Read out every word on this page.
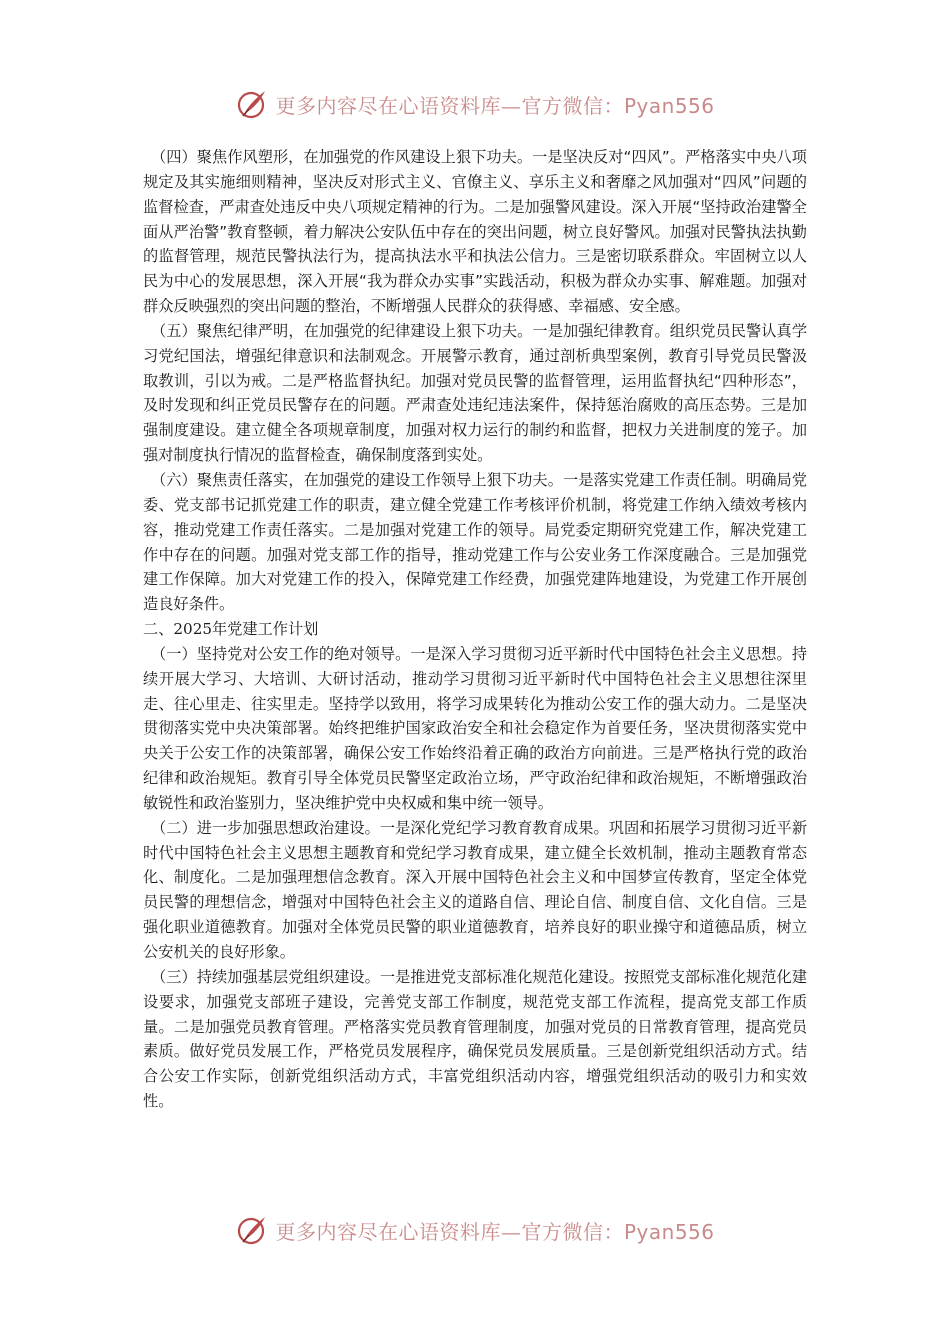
更多内容尽在心语资料库—官方微信：Pyan556

（四）聚焦作风塑形，在加强党的作风建设上狠下功夫。一是坚决反对“四风”。严格落实中央八项规定及其实施细则精神，坚决反对形式主义、官僚主义、享乐主义和奢靡之风加强对“四风”问题的监督检查，严肃查处违反中央八项规定精神的行为。二是加强警风建设。深入开展“坚持政治建警全面从严治警”教育整顿，着力解决公安队伍中存在的突出问题，树立良好警风。加强对民警执法执勤的监督管理，规范民警执法行为，提高执法水平和执法公信力。三是密切联系群众。牢固树立以人民为中心的发展思想，深入开展“我为群众办实事”实践活动，积极为群众办实事、解难题。加强对群众反映强烈的突出问题的整治，不断增强人民群众的获得感、幸福感、安全感。

（五）聚焦纪律严明，在加强党的纪律建设上狠下功夫。一是加强纪律教育。组织党员民警认真学习党纪国法，增强纪律意识和法制观念。开展警示教育，通过剖析典型案例，教育引导党员民警汲取教训，引以为戒。二是严格监督执纪。加强对党员民警的监督管理，运用监督执纪“四种形态”，及时发现和纠正党员民警存在的问题。严肃查处违纪违法案件，保持惩治腐败的高压态势。三是加强制度建设。建立健全各项规章制度，加强对权力运行的制约和监督，把权力关进制度的笼子。加强对制度执行情况的监督检查，确保制度落到实处。

（六）聚焦责任落实，在加强党的建设工作领导上狠下功夫。一是落实党建工作责任制。明确局党委、党支部书记抓党建工作的职责，建立健全党建工作考核评价机制，将党建工作纳入绩效考核内容，推动党建工作责任落实。二是加强对党建工作的领导。局党委定期研究党建工作，解决党建工作中存在的问题。加强对党支部工作的指导，推动党建工作与公安业务工作深度融合。三是加强党建工作保障。加大对党建工作的投入，保障党建工作经费，加强党建阵地建设，为党建工作开展创造良好条件。

二、2025年党建工作计划

（一）坚持党对公安工作的绝对领导。一是深入学习贯彻习近平新时代中国特色社会主义思想。持续开展大学习、大培训、大研讨活动，推动学习贯彻习近平新时代中国特色社会主义思想往深里走、往心里走、往实里走。坚持学以致用，将学习成果转化为推动公安工作的强大动力。二是坚决贯彻落实党中央决策部署。始终把维护国家政治安全和社会稳定作为首要任务，坚决贯彻落实党中央关于公安工作的决策部署，确保公安工作始终沿着正确的政治方向前进。三是严格执行党的政治纪律和政治规矩。教育引导全体党员民警坚定政治立场，严守政治纪律和政治规矩，不断增强政治敏锐性和政治鉴别力，坚决维护党中央权威和集中统一领导。

（二）进一步加强思想政治建设。一是深化党纪学习教育教育成果。巩固和拓展学习贯彻习近平新时代中国特色社会主义思想主题教育和党纪学习教育成果，建立健全长效机制，推动主题教育常态化、制度化。二是加强理想信念教育。深入开展中国特色社会主义和中国梦宣传教育，坚定全体党员民警的理想信念，增强对中国特色社会主义的道路自信、理论自信、制度自信、文化自信。三是强化职业道德教育。加强对全体党员民警的职业道德教育，培养良好的职业操守和道德品质，树立公安机关的良好形象。

（三）持续加强基层党组织建设。一是推进党支部标准化规范化建设。按照党支部标准化规范化建设要求，加强党支部班子建设，完善党支部工作制度，规范党支部工作流程，提高党支部工作质量。二是加强党员教育管理。严格落实党员教育管理制度，加强对党员的日常教育管理，提高党员素质。做好党员发展工作，严格党员发展程序，确保党员发展质量。三是创新党组织活动方式。结合公安工作实际，创新党组织活动方式，丰富党组织活动内容，增强党组织活动的吸引力和实效性。

更多内容尽在心语资料库—官方微信：Pyan556
